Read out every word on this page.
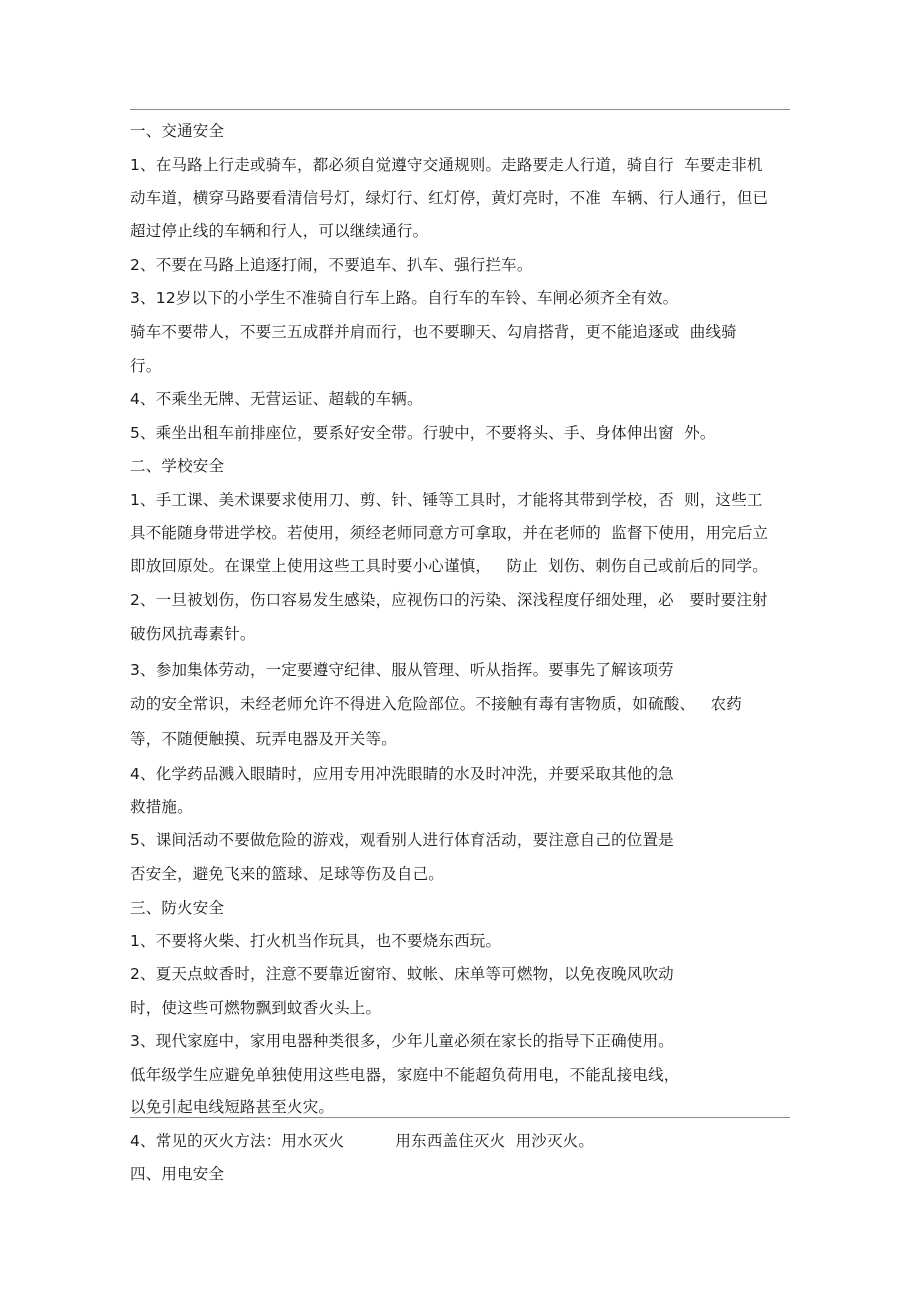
一、交通安全
1、在马路上行走或骑车，都必须自觉遵守交通规则。走路要走人行道，骑自行  车要走非机
动车道，横穿马路要看清信号灯，绿灯行、红灯停，黄灯亮时，不准  车辆、行人通行，但已
超过停止线的车辆和行人，可以继续通行。
2、不要在马路上追逐打闹，不要追车、扒车、强行拦车。
3、12岁以下的小学生不准骑自行车上路。自行车的车铃、车闸必须齐全有效。
骑车不要带人，不要三五成群并肩而行，也不要聊天、勾肩搭背，更不能追逐或  曲线骑
行。
4、不乘坐无牌、无营运证、超载的车辆。
5、乘坐出租车前排座位，要系好安全带。行驶中，不要将头、手、身体伸出窗  外。
二、学校安全
1、手工课、美术课要求使用刀、剪、针、锤等工具时，才能将其带到学校，否  则，这些工
具不能随身带进学校。若使用，须经老师同意方可拿取，并在老师的  监督下使用，用完后立
即放回原处。在课堂上使用这些工具时要小心谨慎，   防止  划伤、刺伤自己或前后的同学。
2、一旦被划伤，伤口容易发生感染，应视伤口的污染、深浅程度仔细处理，必   要时要注射
破伤风抗毒素针。
3、参加集体劳动，一定要遵守纪律、服从管理、听从指挥。要事先了解该项劳
动的安全常识，未经老师允许不得进入危险部位。不接触有毒有害物质，如硫酸、   农药
等，不随便触摸、玩弄电器及开关等。
4、化学药品溅入眼睛时，应用专用冲洗眼睛的水及时冲洗，并要采取其他的急
救措施。
5、课间活动不要做危险的游戏，观看别人进行体育活动，要注意自己的位置是
否安全，避免飞来的篮球、足球等伤及自己。
三、防火安全
1、不要将火柴、打火机当作玩具，也不要烧东西玩。
2、夏天点蚊香时，注意不要靠近窗帘、蚊帐、床单等可燃物，以免夜晚风吹动
时，使这些可燃物飘到蚊香火头上。
3、现代家庭中，家用电器种类很多，少年儿童必须在家长的指导下正确使用。
低年级学生应避免单独使用这些电器，家庭中不能超负荷用电，不能乱接电线，
以免引起电线短路甚至火灾。
4、常见的灭火方法：用水灭火          用东西盖住灭火  用沙灭火。
四、用电安全
